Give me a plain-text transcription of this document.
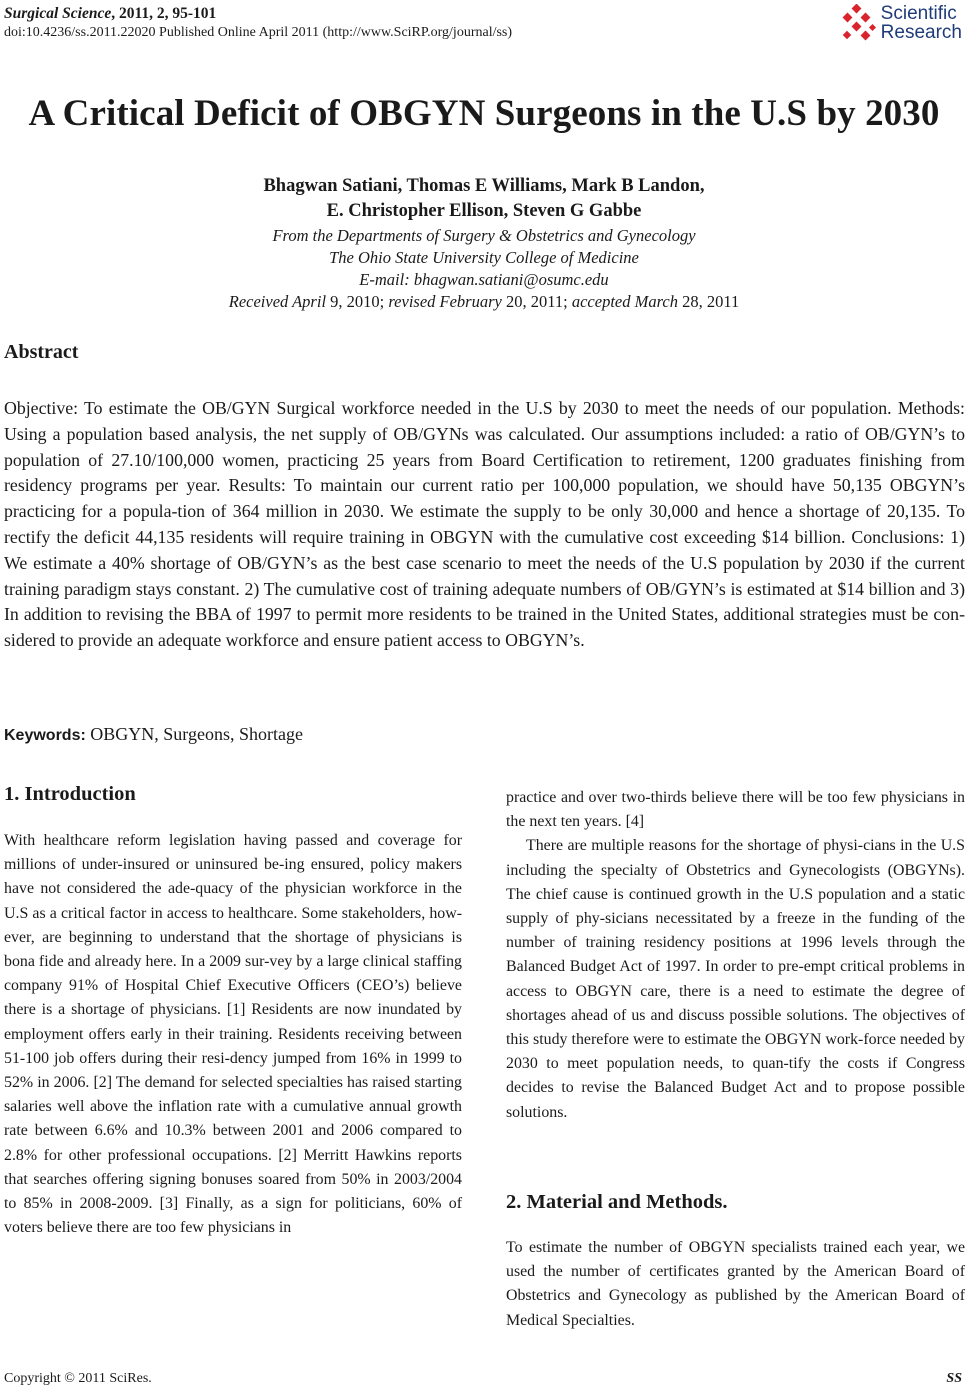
Surgical Science, 2011, 2, 95-101
doi:10.4236/ss.2011.22020 Published Online April 2011 (http://www.SciRP.org/journal/ss)
Scientific
Research
A Critical Deficit of OBGYN Surgeons in the U.S by 2030
Bhagwan Satiani, Thomas E Williams, Mark B Landon,
E. Christopher Ellison, Steven G Gabbe
From the Departments of Surgery & Obstetrics and Gynecology
The Ohio State University College of Medicine
E-mail: bhagwan.satiani@osumc.edu
Received April 9, 2010; revised February 20, 2011; accepted March 28, 2011
Abstract
Objective: To estimate the OB/GYN Surgical workforce needed in the U.S by 2030 to meet the needs of our population. Methods: Using a population based analysis, the net supply of OB/GYNs was calculated. Our assumptions included: a ratio of OB/GYN’s to population of 27.10/100,000 women, practicing 25 years from Board Certification to retirement, 1200 graduates finishing from residency programs per year. Results: To maintain our current ratio per 100,000 population, we should have 50,135 OBGYN’s practicing for a popula-tion of 364 million in 2030. We estimate the supply to be only 30,000 and hence a shortage of 20,135. To rectify the deficit 44,135 residents will require training in OBGYN with the cumulative cost exceeding $14 billion. Conclusions: 1) We estimate a 40% shortage of OB/GYN’s as the best case scenario to meet the needs of the U.S population by 2030 if the current training paradigm stays constant. 2) The cumulative cost of training adequate numbers of OB/GYN’s is estimated at $14 billion and 3) In addition to revising the BBA of 1997 to permit more residents to be trained in the United States, additional strategies must be con-sidered to provide an adequate workforce and ensure patient access to OBGYN’s.
Keywords: OBGYN, Surgeons, Shortage
1. Introduction

With healthcare reform legislation having passed and coverage for millions of under-insured or uninsured be-ing ensured, policy makers have not considered the ade-quacy of the physician workforce in the U.S as a critical factor in access to healthcare. Some stakeholders, how-ever, are beginning to understand that the shortage of physicians is bona fide and already here. In a 2009 sur-vey by a large clinical staffing company 91% of Hospital Chief Executive Officers (CEO’s) believe there is a shortage of physicians. [1] Residents are now inundated by employment offers early in their training. Residents receiving between 51-100 job offers during their resi-dency jumped from 16% in 1999 to 52% in 2006. [2] The demand for selected specialties has raised starting salaries well above the inflation rate with a cumulative annual growth rate between 6.6% and 10.3% between 2001 and 2006 compared to 2.8% for other professional occupations. [2] Merritt Hawkins reports that searches offering signing bonuses soared from 50% in 2003/2004 to 85% in 2008-2009. [3] Finally, as a sign for politicians, 60% of voters believe there are too few physicians in

practice and over two-thirds believe there will be too few physicians in the next ten years. [4]

There are multiple reasons for the shortage of physi-cians in the U.S including the specialty of Obstetrics and Gynecologists (OBGYNs). The chief cause is continued growth in the U.S population and a static supply of phy-sicians necessitated by a freeze in the funding of the number of training residency positions at 1996 levels through the Balanced Budget Act of 1997. In order to pre-empt critical problems in access to OBGYN care, there is a need to estimate the degree of shortages ahead of us and discuss possible solutions. The objectives of this study therefore were to estimate the OBGYN work-force needed by 2030 to meet population needs, to quan-tify the costs if Congress decides to revise the Balanced Budget Act and to propose possible solutions.

2. Material and Methods.

To estimate the number of OBGYN specialists trained each year, we used the number of certificates granted by the American Board of Obstetrics and Gynecology as published by the American Board of Medical Specialties.

Copyright © 2011 SciRes.	SS
